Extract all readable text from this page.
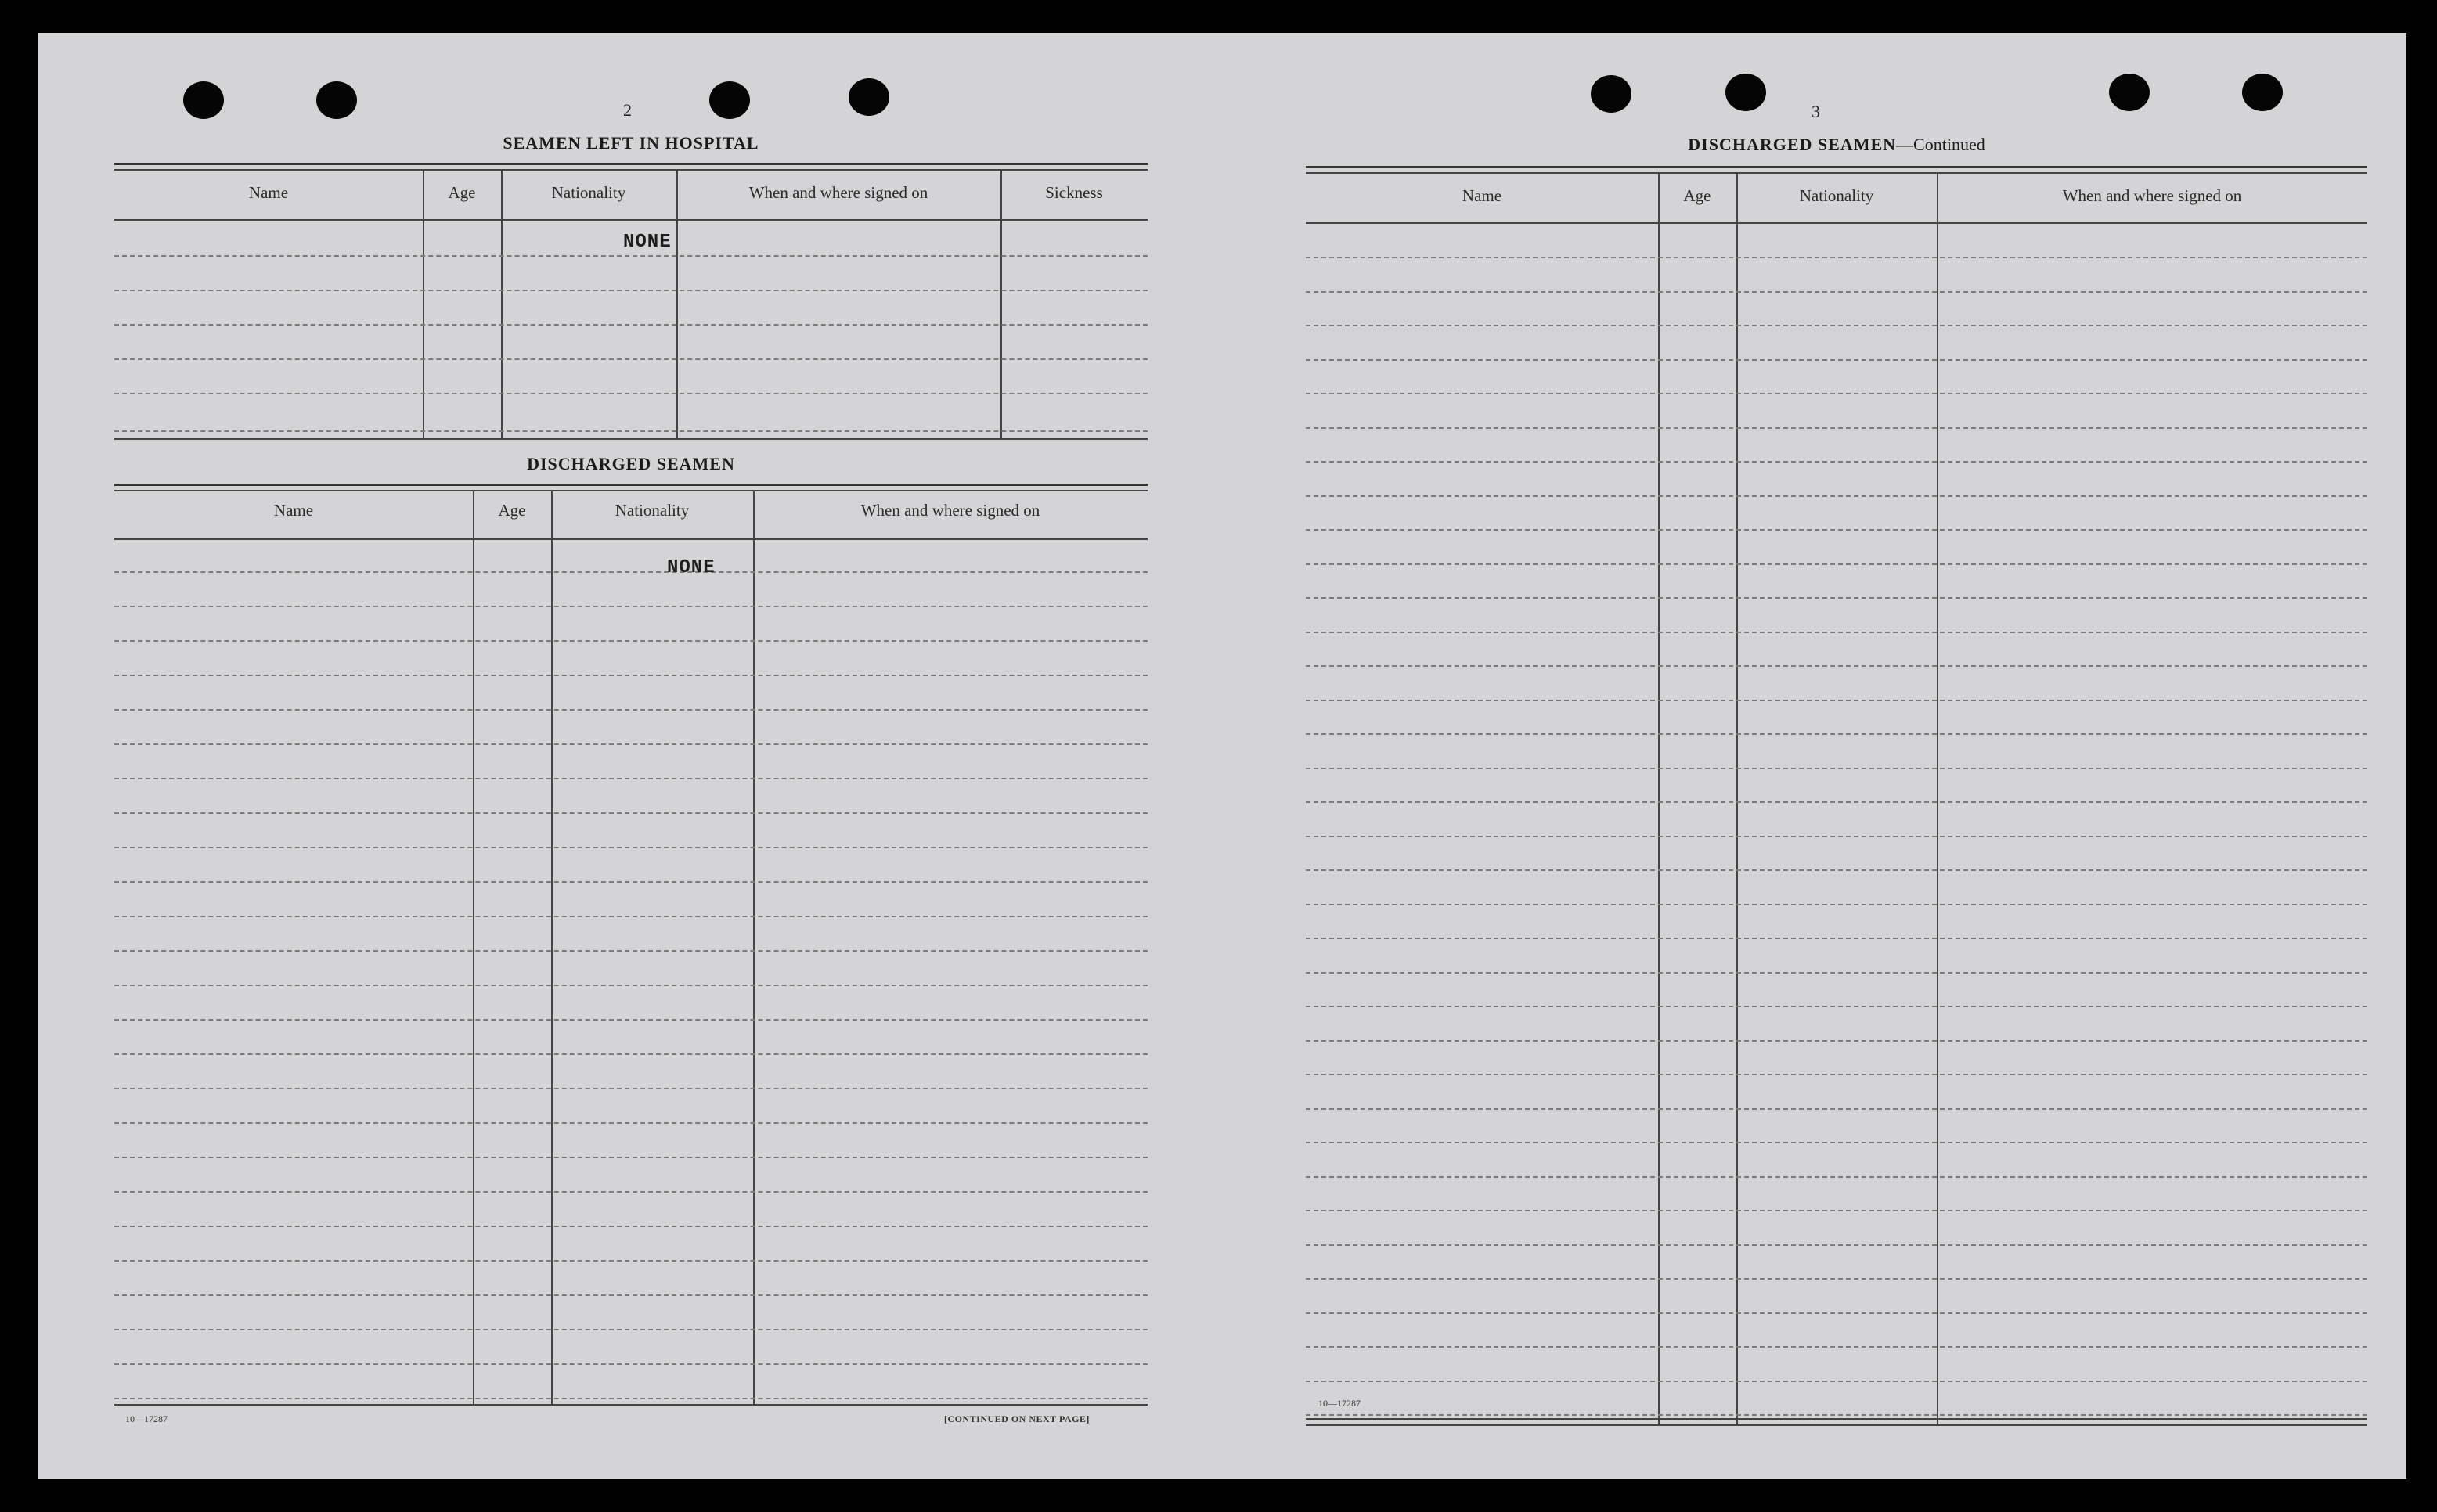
2
SEAMEN LEFT IN HOSPITAL
Name	Age	Nationality	When and where signed on	Sickness
NONE
DISCHARGED SEAMEN
Name	Age	Nationality	When and where signed on
NONE
10—17287	[CONTINUED ON NEXT PAGE]
3
DISCHARGED SEAMEN—Continued
Name	Age	Nationality	When and where signed on
10—17287
